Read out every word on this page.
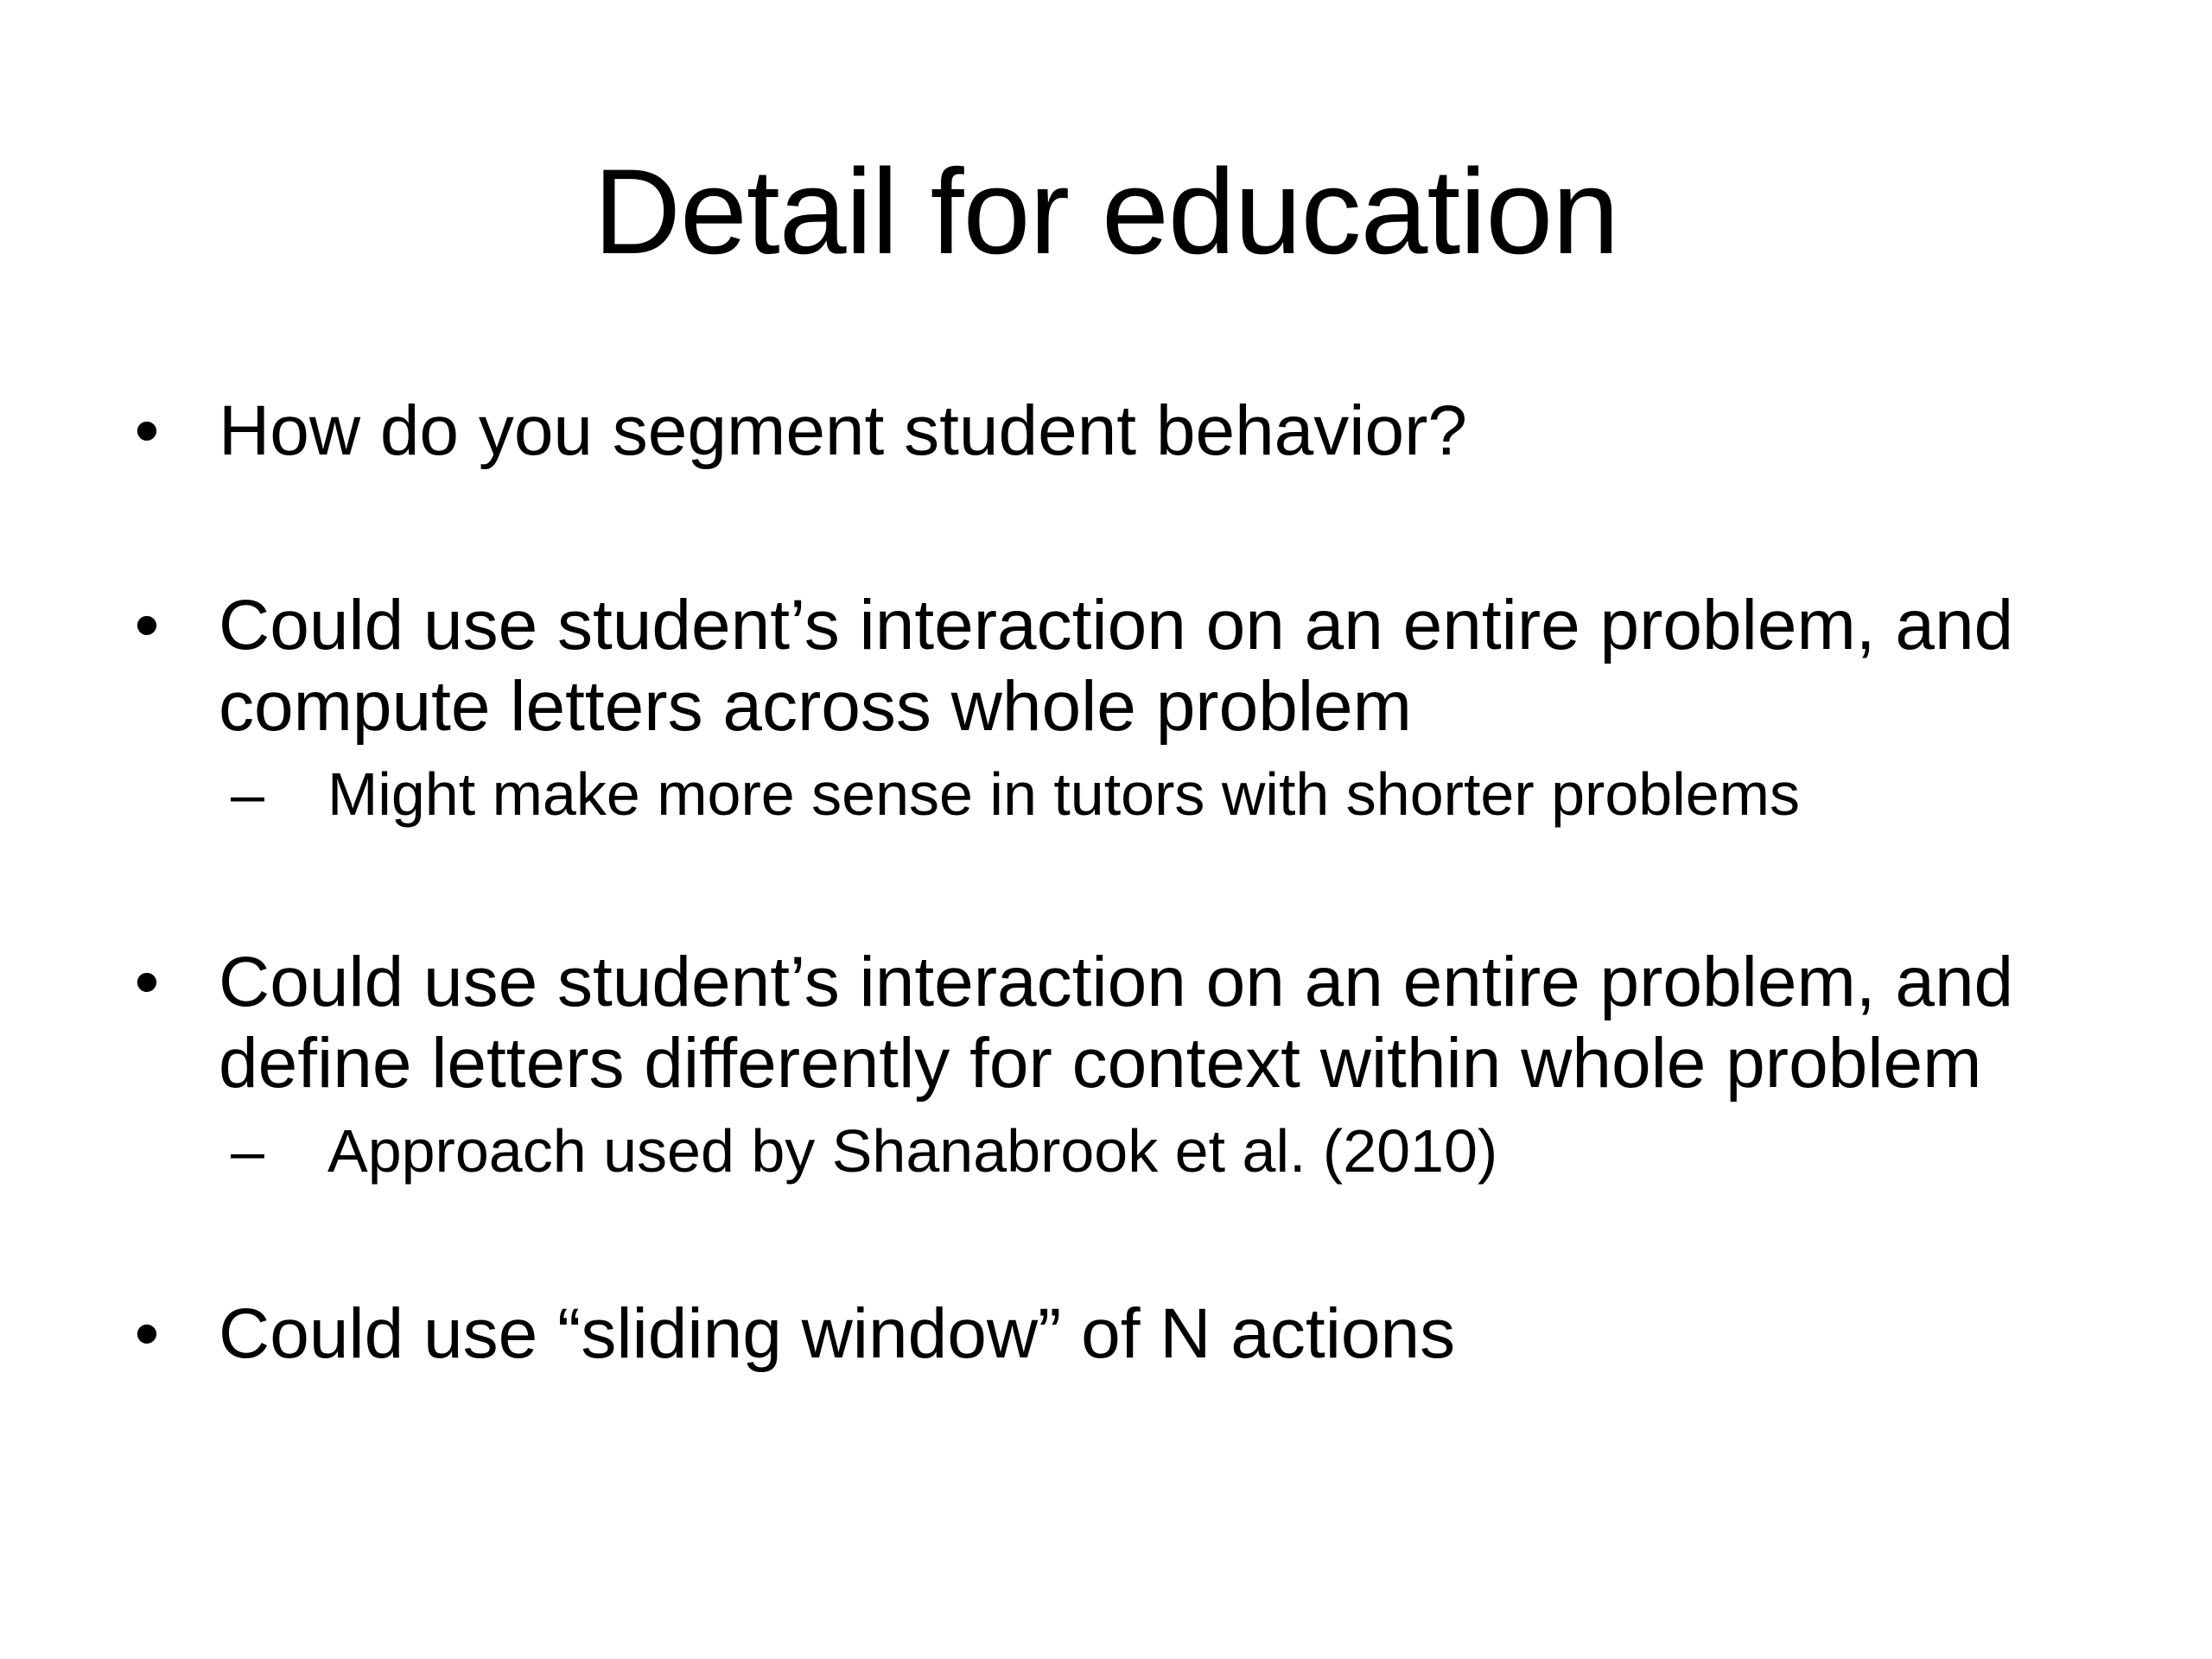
Detail for education
• How do you segment student behavior?
• Could use student’s interaction on an entire problem, and compute letters across whole problem
– Might make more sense in tutors with shorter problems
• Could use student’s interaction on an entire problem, and define letters differently for context within whole problem
– Approach used by Shanabrook et al. (2010)
• Could use “sliding window” of N actions
